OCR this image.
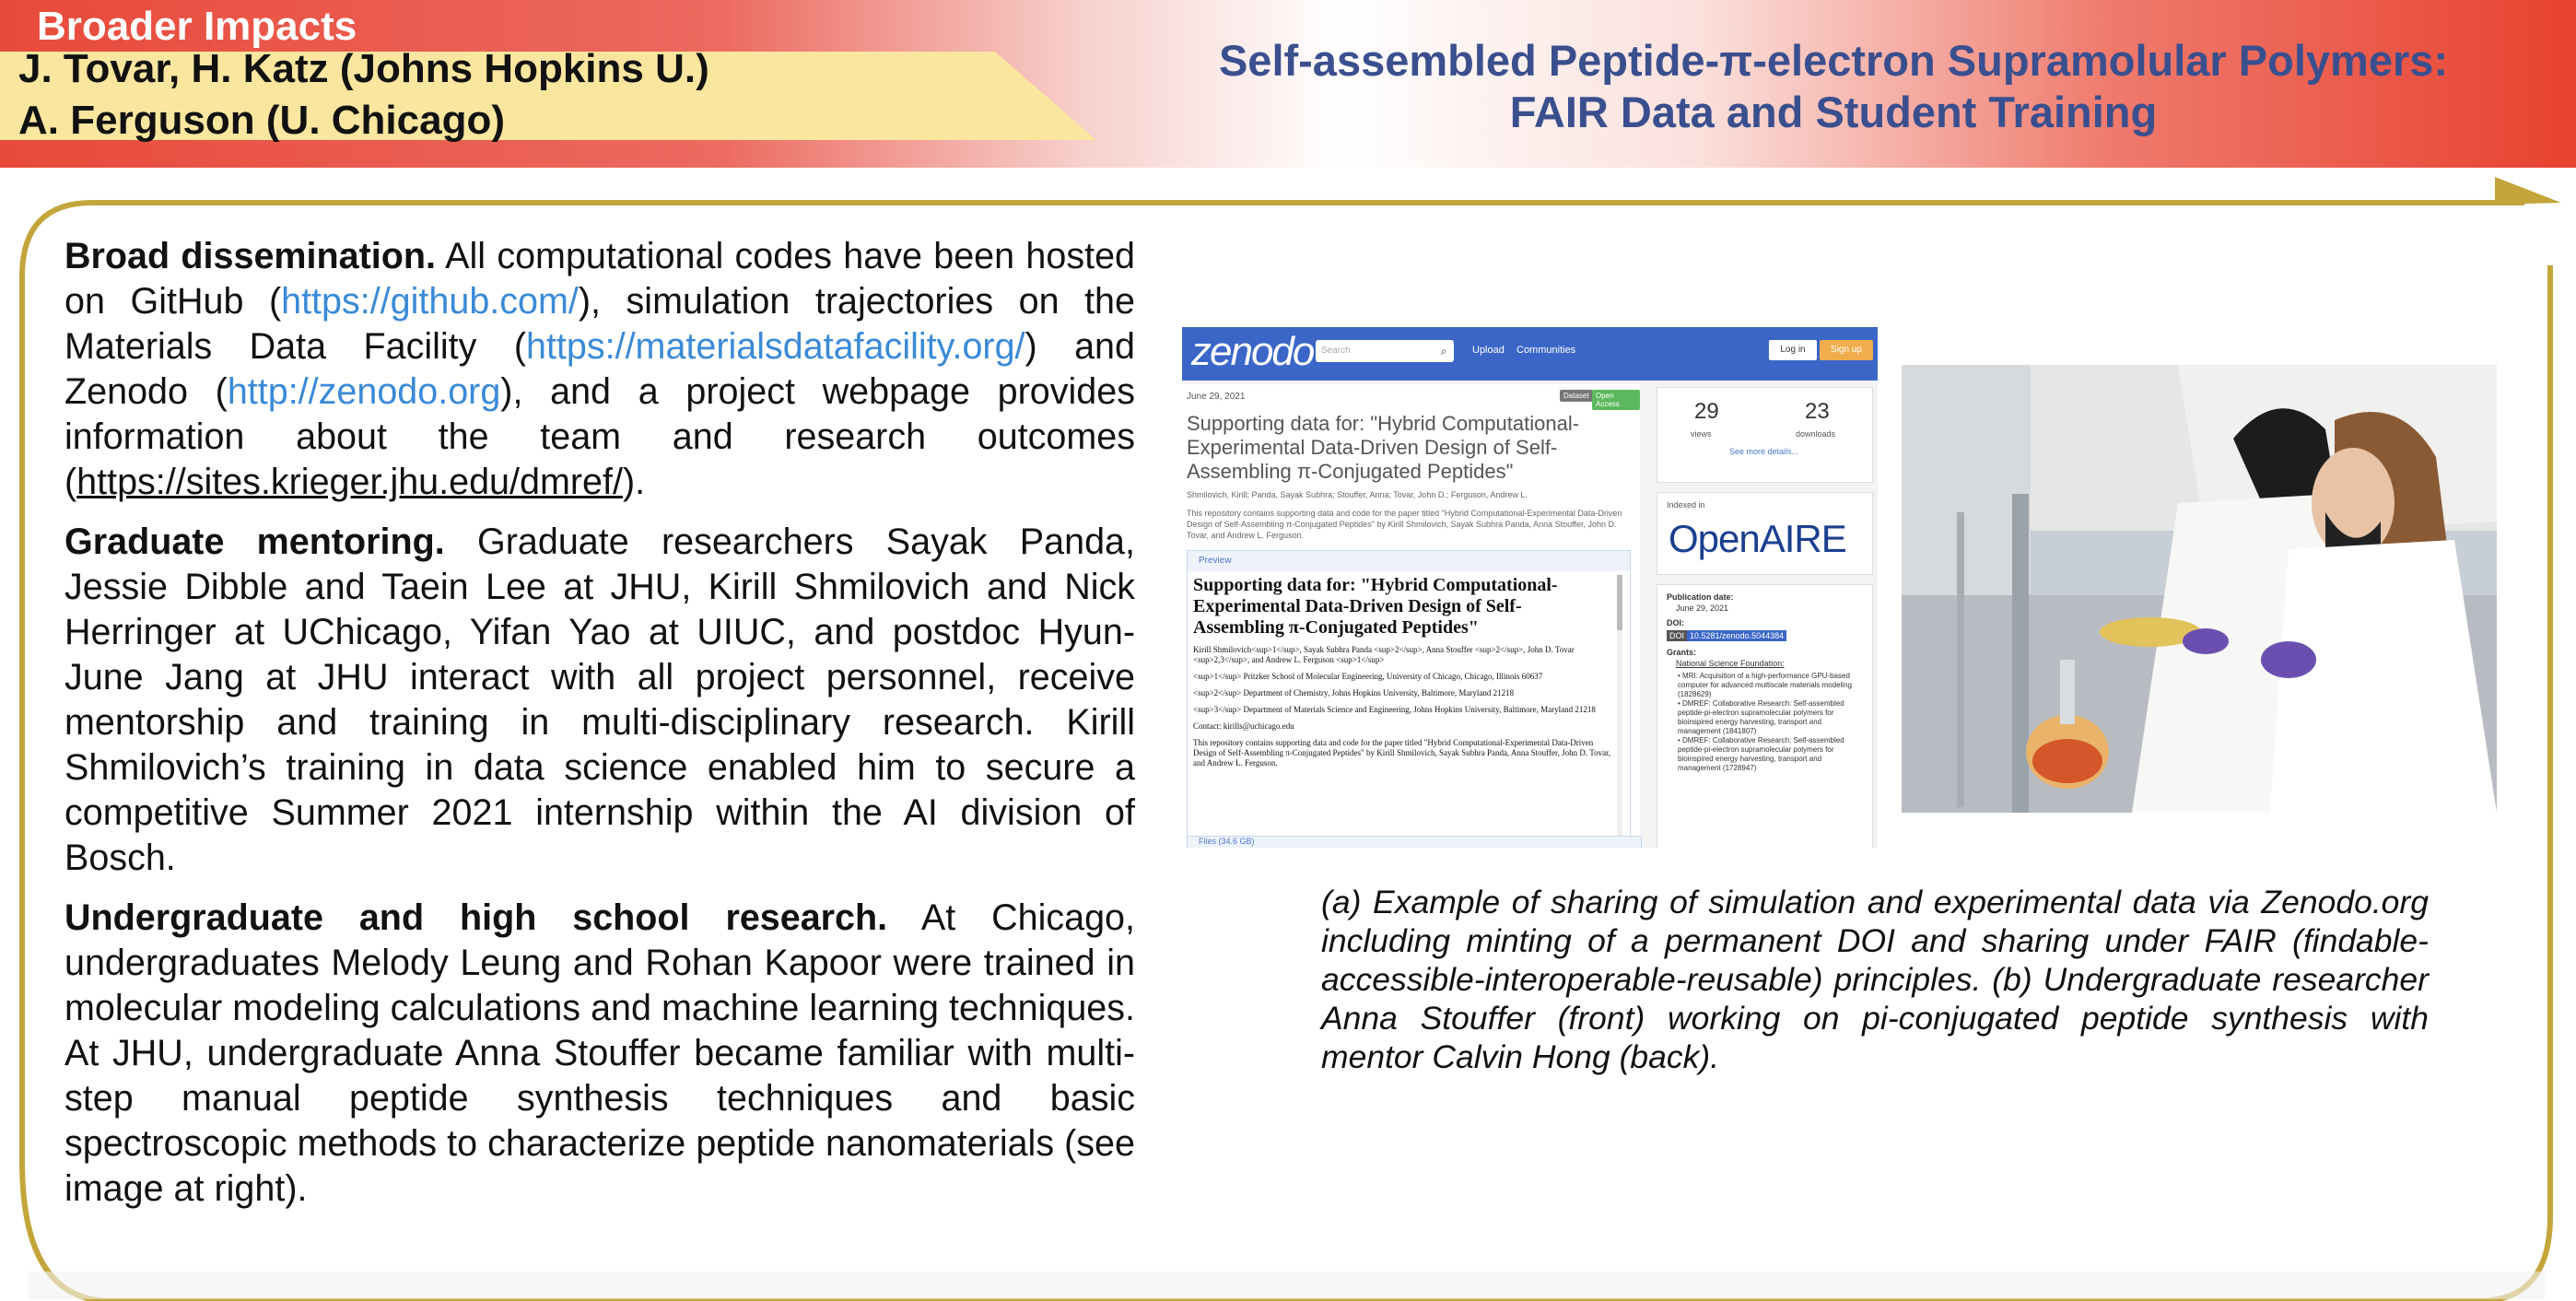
Broader Impacts
J. Tovar, H. Katz (Johns Hopkins U.)
A. Ferguson (U. Chicago)
Self-assembled Peptide-π-electron Supramolular Polymers:
FAIR Data and Student Training

Broad dissemination. All computational codes have been hosted on GitHub (https://github.com/), simulation trajectories on the Materials Data Facility (https://materialsdatafacility.org/) and Zenodo (http://zenodo.org), and a project webpage provides information about the team and research outcomes (https://sites.krieger.jhu.edu/dmref/).

Graduate mentoring. Graduate researchers Sayak Panda, Jessie Dibble and Taein Lee at JHU, Kirill Shmilovich and Nick Herringer at UChicago, Yifan Yao at UIUC, and postdoc Hyun-June Jang at JHU interact with all project personnel, receive mentorship and training in multi-disciplinary research. Kirill Shmilovich’s training in data science enabled him to secure a competitive Summer 2021 internship within the AI division of Bosch.

Undergraduate and high school research. At Chicago, undergraduates Melody Leung and Rohan Kapoor were trained in molecular modeling calculations and machine learning techniques. At JHU, undergraduate Anna Stouffer became familiar with multi-step manual peptide synthesis techniques and basic spectroscopic methods to characterize peptide nanomaterials (see image at right).

zenodo Search	⌕	Upload Communities	Log in	Sign up
June 29, 2021	Dataset Open Access
Supporting data for: "Hybrid Computational-Experimental Data-Driven Design of Self-Assembling π-Conjugated Peptides"
Shmilovich, Kirill; Panda, Sayak Subhra; Stouffer, Anna; Tovar, John D.; Ferguson, Andrew L.
This repository contains supporting data and code for the paper titled "Hybrid Computational-Experimental Data-Driven Design of Self-Assembling π-Conjugated Peptides" by Kirill Shmilovich, Sayak Subhra Panda, Anna Stouffer, John D. Tovar, and Andrew L. Ferguson.
Preview
Supporting data for: "Hybrid Computational-Experimental Data-Driven Design of Self-Assembling π-Conjugated Peptides"
Kirill Shmilovich<sup>1</sup>, Sayak Subhra Panda <sup>2</sup>, Anna Stouffer <sup>2</sup>, John D. Tovar <sup>2,3</sup>, and Andrew L. Ferguson <sup>1</sup>
<sup>1</sup> Pritzker School of Molecular Engineering, University of Chicago, Chicago, Illinois 60637
<sup>2</sup> Department of Chemistry, Johns Hopkins University, Baltimore, Maryland 21218
<sup>3</sup> Department of Materials Science and Engineering, Johns Hopkins University, Baltimore, Maryland 21218
Contact: kirills@uchicago.edu
This repository contains supporting data and code for the paper titled "Hybrid Computational-Experimental Data-Driven Design of Self-Assembling π-Conjugated Peptides" by Kirill Shmilovich, Sayak Subhra Panda, Anna Stouffer, John D. Tovar, and Andrew L. Ferguson.
Files (34.6 GB)
29
views
23
downloads
See more details...
Indexed in
OpenAIRE
Publication date:
June 29, 2021
DOI:
DOI 10.5281/zenodo.5044384
Grants:
National Science Foundation:
• MRI: Acquisition of a high-performance GPU-based computer for advanced multiscale materials modeling (1828629)
• DMREF: Collaborative Research: Self-assembled peptide-pi-electron supramolecular polymers for bioinspired energy harvesting, transport and management (1841807)
• DMREF: Collaborative Research: Self-assembled peptide-pi-electron supramolecular polymers for bioinspired energy harvesting, transport and management (1728947)

(a) Example of sharing of simulation and experimental data via Zenodo.org including minting of a permanent DOI and sharing under FAIR (findable-accessible-interoperable-reusable) principles. (b) Undergraduate researcher Anna Stouffer (front) working on pi-conjugated peptide synthesis with mentor Calvin Hong (back).
